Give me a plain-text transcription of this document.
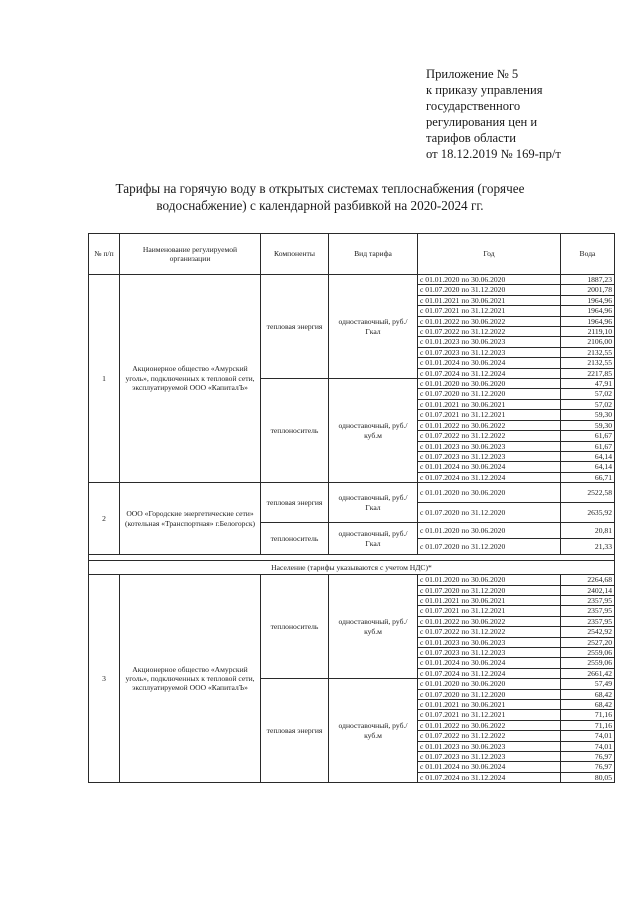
Приложение № 5
к приказу управления
государственного
регулирования цен и
тарифов области
от 18.12.2019 № 169-пр/т
Тарифы на горячую воду в открытых системах теплоснабжения (горячее водоснабжение) с календарной разбивкой на 2020-2024 гг.
№ п/п	Наименование регулируемой организации	Компоненты	Вид тарифа	Год	Вода
1	Акционерное общество «Амурский уголь», подключенных к тепловой сети, эксплуатируемой ООО «КапиталЪ»	тепловая энергия	одноставочный, руб./Гкал	с 01.01.2020 по 30.06.2020	1887,23
				с 01.07.2020 по 31.12.2020	2001,78
				с 01.01.2021 по 30.06.2021	1964,96
				с 01.07.2021 по 31.12.2021	1964,96
				с 01.01.2022 по 30.06.2022	1964,96
				с 01.07.2022 по 31.12.2022	2119,10
				с 01.01.2023 по 30.06.2023	2106,00
				с 01.07.2023 по 31.12.2023	2132,55
				с 01.01.2024 по 30.06.2024	2132,55
				с 01.07.2024 по 31.12.2024	2217,85
		теплоноситель	одноставочный, руб./куб.м	с 01.01.2020 по 30.06.2020	47,91
				с 01.07.2020 по 31.12.2020	57,02
				с 01.01.2021 по 30.06.2021	57,02
				с 01.07.2021 по 31.12.2021	59,30
				с 01.01.2022 по 30.06.2022	59,30
				с 01.07.2022 по 31.12.2022	61,67
				с 01.01.2023 по 30.06.2023	61,67
				с 01.07.2023 по 31.12.2023	64,14
				с 01.01.2024 по 30.06.2024	64,14
				с 01.07.2024 по 31.12.2024	66,71
2	ООО «Городские энергетические сети» (котельная «Транспортная» г.Белогорск)	тепловая энергия	одноставочный, руб./Гкал	с 01.01.2020 по 30.06.2020	2522,58
				с 01.07.2020 по 31.12.2020	2635,92
		теплоноситель	одноставочный, руб./Гкал	с 01.01.2020 по 30.06.2020	20,81
				с 01.07.2020 по 31.12.2020	21,33

Население (тарифы указываются с учетом НДС)*					
3	Акционерное общество «Амурский уголь», подключенных к тепловой сети, эксплуатируемой ООО «КапиталЪ»	теплоноситель	одноставочный, руб./куб.м	с 01.01.2020 по 30.06.2020	2264,68
				с 01.07.2020 по 31.12.2020	2402,14
				с 01.01.2021 по 30.06.2021	2357,95
				с 01.07.2021 по 31.12.2021	2357,95
				с 01.01.2022 по 30.06.2022	2357,95
				с 01.07.2022 по 31.12.2022	2542,92
				с 01.01.2023 по 30.06.2023	2527,20
				с 01.07.2023 по 31.12.2023	2559,06
				с 01.01.2024 по 30.06.2024	2559,06
				с 01.07.2024 по 31.12.2024	2661,42
		тепловая энергия	одноставочный, руб./куб.м	с 01.01.2020 по 30.06.2020	57,49
				с 01.07.2020 по 31.12.2020	68,42
				с 01.01.2021 по 30.06.2021	68,42
				с 01.07.2021 по 31.12.2021	71,16
				с 01.01.2022 по 30.06.2022	71,16
				с 01.07.2022 по 31.12.2022	74,01
				с 01.01.2023 по 30.06.2023	74,01
				с 01.07.2023 по 31.12.2023	76,97
				с 01.01.2024 по 30.06.2024	76,97
				с 01.07.2024 по 31.12.2024	80,05
